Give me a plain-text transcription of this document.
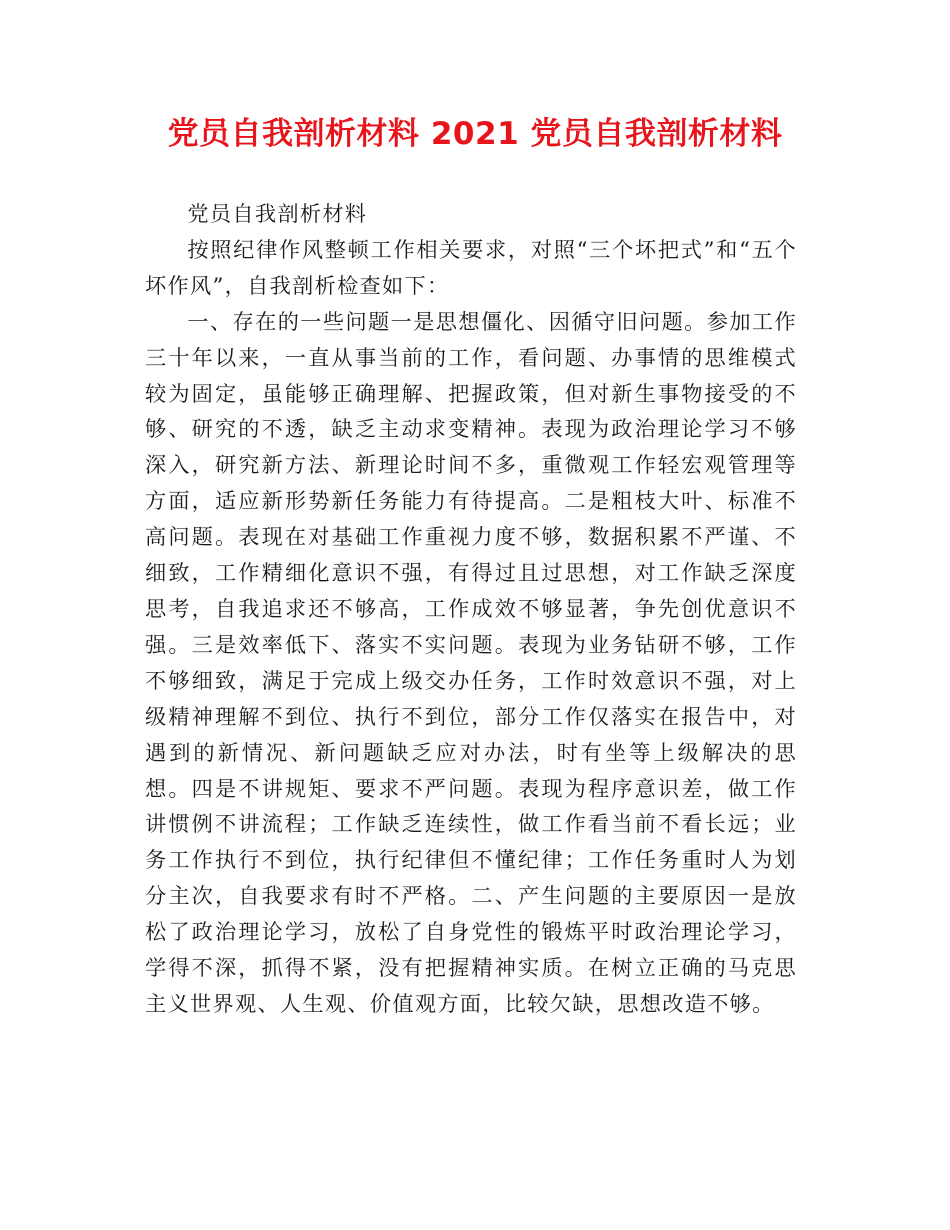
党员自我剖析材料 2021 党员自我剖析材料

党员自我剖析材料

按照纪律作风整顿工作相关要求，对照“三个坏把式”和“五个坏作风”，自我剖析检查如下：

一、存在的一些问题一是思想僵化、因循守旧问题。参加工作三十年以来，一直从事当前的工作，看问题、办事情的思维模式较为固定，虽能够正确理解、把握政策，但对新生事物接受的不够、研究的不透，缺乏主动求变精神。表现为政治理论学习不够深入，研究新方法、新理论时间不多，重微观工作轻宏观管理等方面，适应新形势新任务能力有待提高。二是粗枝大叶、标准不高问题。表现在对基础工作重视力度不够，数据积累不严谨、不细致，工作精细化意识不强，有得过且过思想，对工作缺乏深度思考，自我追求还不够高，工作成效不够显著，争先创优意识不强。三是效率低下、落实不实问题。表现为业务钻研不够，工作不够细致，满足于完成上级交办任务，工作时效意识不强，对上级精神理解不到位、执行不到位，部分工作仅落实在报告中，对遇到的新情况、新问题缺乏应对办法，时有坐等上级解决的思想。四是不讲规矩、要求不严问题。表现为程序意识差，做工作讲惯例不讲流程；工作缺乏连续性，做工作看当前不看长远；业务工作执行不到位，执行纪律但不懂纪律；工作任务重时人为划分主次，自我要求有时不严格。二、产生问题的主要原因一是放松了政治理论学习，放松了自身党性的锻炼平时政治理论学习，学得不深，抓得不紧，没有把握精神实质。在树立正确的马克思主义世界观、人生观、价值观方面，比较欠缺，思想改造不够。
